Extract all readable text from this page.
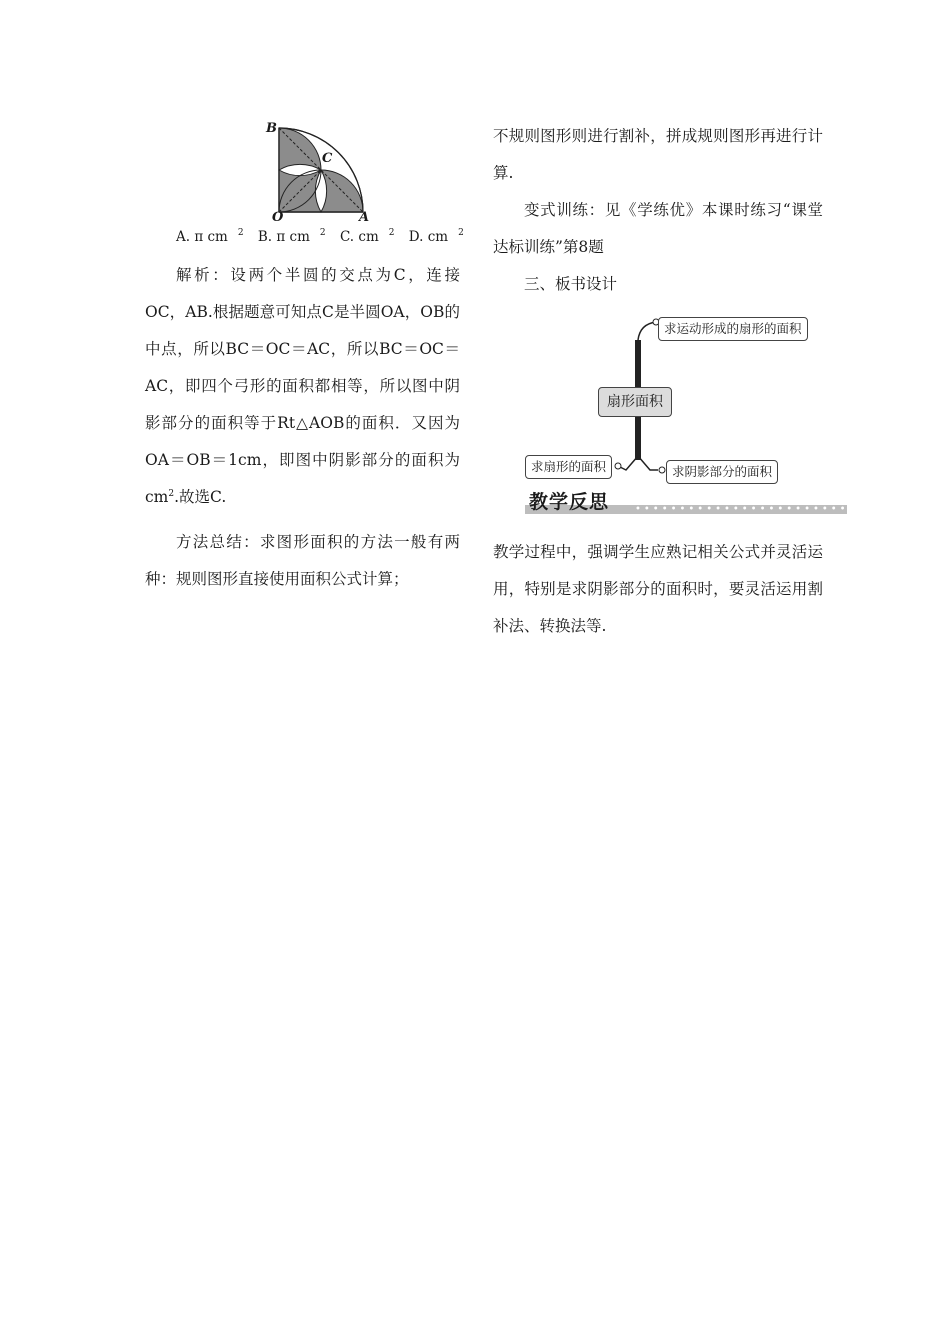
B
C
O	A
A. π cm $^2$ B. π cm $^2$ C. cm $^2$ D. cm $^2$

解析：设两个半圆的交点为C，连接OC，AB.根据题意可知点C是半圆OA，OB的中点，所以BC＝OC＝AC，所以BC＝OC＝AC，即四个弓形的面积都相等，所以图中阴影部分的面积等于Rt△AOB的面积．又因为OA＝OB＝1cm，即图中阴影部分的面积为$cm^2$.故选C.

方法总结：求图形面积的方法一般有两种：规则图形直接使用面积公式计算；

不规则图形则进行割补，拼成规则图形再进行计算.

变式训练：见《学练优》本课时练习“课堂达标训练”第8题

三、板书设计

求运动形成的扇形的面积
扇形面积
求扇形的面积	求阴影部分的面积
••••••••••••••••••••••••••••
教学反思

教学过程中，强调学生应熟记相关公式并灵活运用，特别是求阴影部分的面积时，要灵活运用割补法、转换法等.
